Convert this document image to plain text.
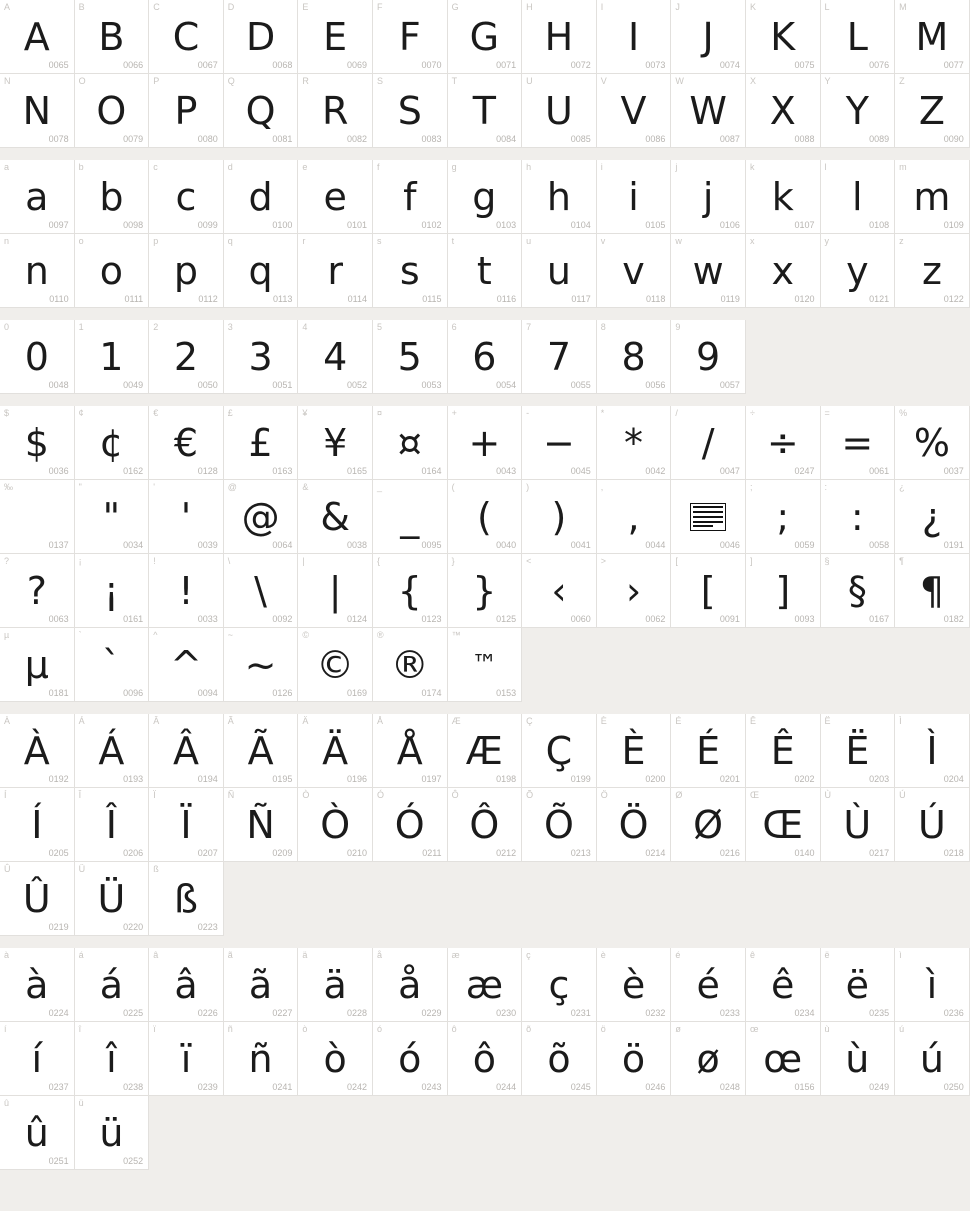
A
A
0065
B
B
0066
C
C
0067
D
D
0068
E
E
0069
F
F
0070
G
G
0071
H
H
0072
I
I
0073
J
J
0074
K
K
0075
L
L
0076
M
M
0077
N
N
0078
O
O
0079
P
P
0080
Q
Q
0081
R
R
0082
S
S
0083
T
T
0084
U
U
0085
V
V
0086
W
W
0087
X
X
0088
Y
Y
0089
Z
Z
0090
a
a
0097
b
b
0098
c
c
0099
d
d
0100
e
e
0101
f
f
0102
g
g
0103
h
h
0104
i
i
0105
j
j
0106
k
k
0107
l
l
0108
m
m
0109
n
n
0110
o
o
0111
p
p
0112
q
q
0113
r
r
0114
s
s
0115
t
t
0116
u
u
0117
v
v
0118
w
w
0119
x
x
0120
y
y
0121
z
z
0122
0
0
0048
1
1
0049
2
2
0050
3
3
0051
4
4
0052
5
5
0053
6
6
0054
7
7
0055
8
8
0056
9
9
0057
$
$
0036
¢
¢
0162
€
€
0128
£
£
0163
¥
¥
0165
¤
¤
0164
+
+
0043
-
−
0045
*
*
0042
/
/
0047
÷
÷
0247
=
=
0061
%
%
0037
‰
0137
"
"
0034
'
'
0039
@
@
0064
&
&
0038
_
_
0095
(
(
0040
)
)
0041
,
,
0044	0046
;
;
0059
:
:
0058
¿
¿
0191
?
?
0063
¡
¡
0161
!
!
0033
\
\
0092
|
|
0124
{
{
0123
}
}
0125
<
‹
0060
>
›
0062
[
[
0091
]
]
0093
§
§
0167
¶
¶
0182
µ
µ
0181
`
`
0096
^
^
0094
~
~
0126
©
©
0169
®
®
0174
™
™
0153
À
À
0192
Á
Á
0193
Â
Â
0194
Ã
Ã
0195
Ä
Ä
0196
Å
Å
0197
Æ
Æ
0198
Ç
Ç
0199
È
È
0200
É
É
0201
Ê
Ê
0202
Ë
Ë
0203
Ì
Ì
0204
Í
Í
0205
Î
Î
0206
Ï
Ï
0207
Ñ
Ñ
0209
Ò
Ò
0210
Ó
Ó
0211
Ô
Ô
0212
Õ
Õ
0213
Ö
Ö
0214
Ø
Ø
0216
Œ
Œ
0140
Ù
Ù
0217
Ú
Ú
0218
Û
Û
0219
Ü
Ü
0220
ß
ß
0223
à
à
0224
á
á
0225
â
â
0226
ã
ã
0227
ä
ä
0228
å
å
0229
æ
æ
0230
ç
ç
0231
è
è
0232
é
é
0233
ê
ê
0234
ë
ë
0235
ì
ì
0236
í
í
0237
î
î
0238
ï
ï
0239
ñ
ñ
0241
ò
ò
0242
ó
ó
0243
ô
ô
0244
õ
õ
0245
ö
ö
0246
ø
ø
0248
œ
œ
0156
ù
ù
0249
ú
ú
0250
û
û
0251
ü
ü
0252
